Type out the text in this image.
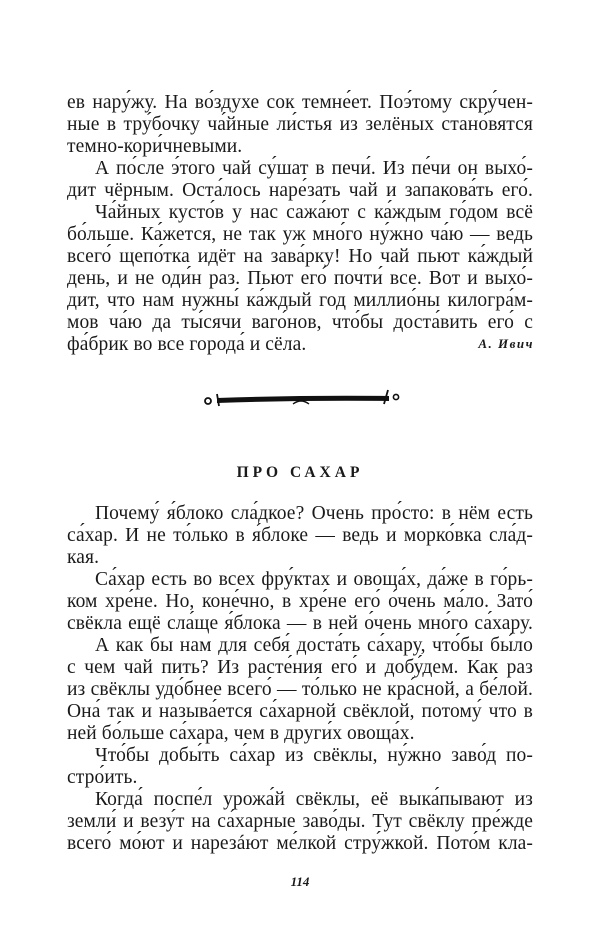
ев нару́жу. На во́здухе сок темне́ет. Поэ́тому скру́чен-
ные в тру́бочку ча́йные ли́стья из зелёных стано́вятся
темно-кори́чневыми.
А по́сле э́того чай су́шат в печи́. Из пе́чи он выхо́-
дит чёрным. Оста́лось наре́зать чай и запакова́ть его́.
Ча́йных кусто́в у нас сажа́ют с ка́ждым го́дом всё
бо́льше. Ка́жется, не так уж мно́го ну́жно ча́ю — ведь
всего́ щепо́тка идёт на зава́рку! Но чай пьют ка́ждый
день, и не оди́н раз. Пьют его́ почти́ все. Вот и выхо́-
дит, что нам нужны́ ка́ждый год миллио́ны килогра́м-
мов ча́ю да ты́сячи ваго́нов, что́бы доста́вить его́ с
фа́брик во все города́ и сёла.	А. Ивич
ПРО САХАР
Почему́ я́блоко сла́дкое? Очень про́сто: в нём есть
са́хар. И не то́лько в я́блоке — ведь и морко́вка сла́д-
кая.
Са́хар есть во всех фру́ктах и овоща́х, да́же в го́рь-
ком хре́не. Но, коне́чно, в хре́не его́ о́чень ма́ло. Зато́
свёкла ещё сла́ще я́блока — в ней о́чень мно́го са́хару.
А как бы нам для себя́ доста́ть са́хару, что́бы бы́ло
с чем чай пить? Из расте́ния его́ и добу́дем. Как раз
из свёклы удо́бнее всего́ — то́лько не кра́сной, а бе́лой.
Она́ так и называ́ется са́харной свёклой, потому́ что в
ней бо́льше са́хара, чем в други́х овоща́х.
Что́бы добы́ть са́хар из свёклы, ну́жно заво́д по-
стро́ить.
Когда́ поспе́л урожа́й свёклы, её выка́пывают из
земли́ и везу́т на са́харные заво́ды. Тут свёклу пре́жде
всего́ мо́ют и нарезáют ме́лкой стру́жкой. Пото́м кла-
114
